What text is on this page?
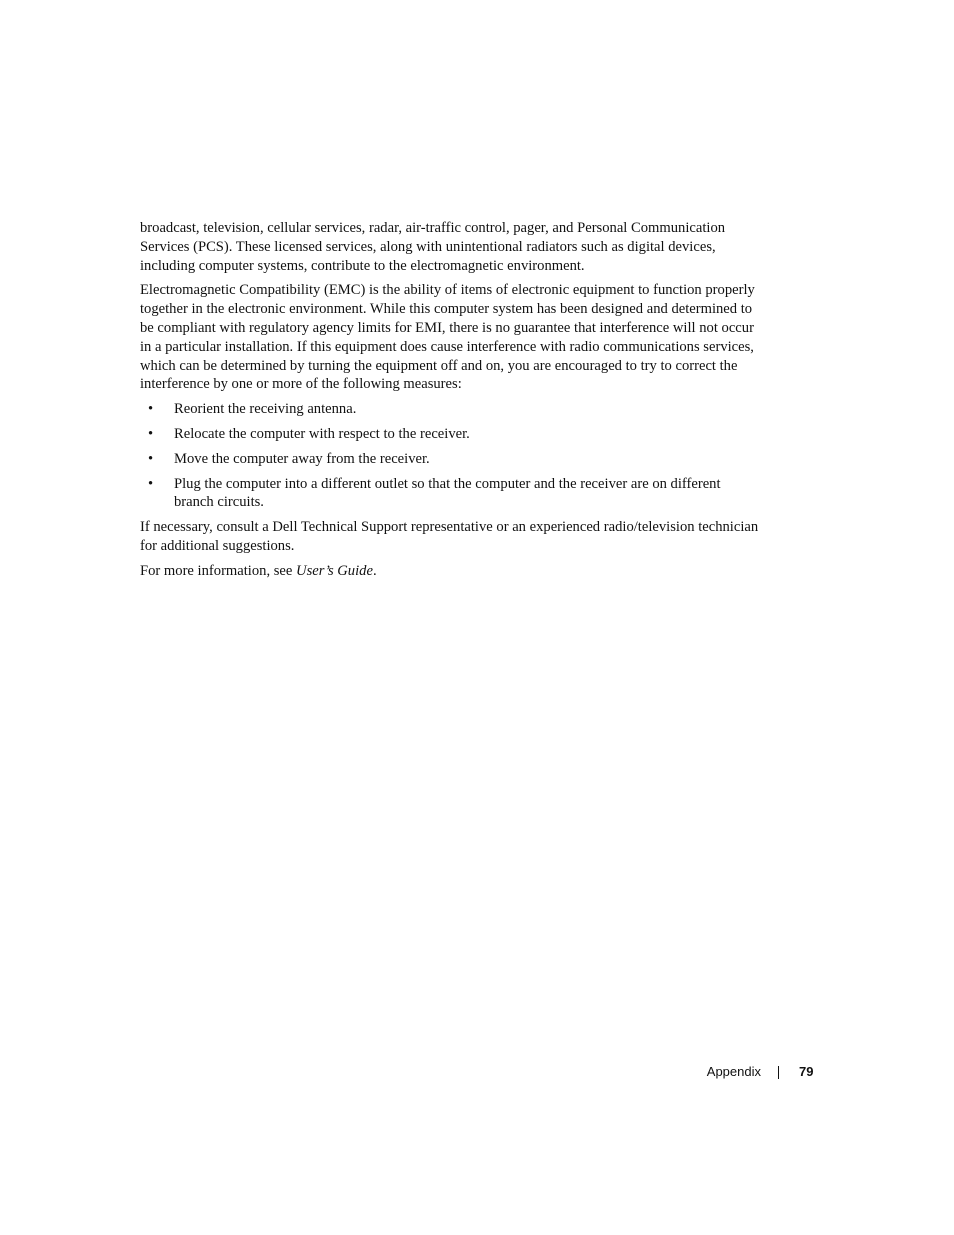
broadcast, television, cellular services, radar, air-traffic control, pager, and Personal Communication Services (PCS). These licensed services, along with unintentional radiators such as digital devices, including computer systems, contribute to the electromagnetic environment.

Electromagnetic Compatibility (EMC) is the ability of items of electronic equipment to function properly together in the electronic environment. While this computer system has been designed and determined to be compliant with regulatory agency limits for EMI, there is no guarantee that interference will not occur in a particular installation. If this equipment does cause interference with radio communications services, which can be determined by turning the equipment off and on, you are encouraged to try to correct the interference by one or more of the following measures:

• Reorient the receiving antenna.
• Relocate the computer with respect to the receiver.
• Move the computer away from the receiver.
• Plug the computer into a different outlet so that the computer and the receiver are on different branch circuits.

If necessary, consult a Dell Technical Support representative or an experienced radio/television technician for additional suggestions.

For more information, see User’s Guide.

Appendix	79
